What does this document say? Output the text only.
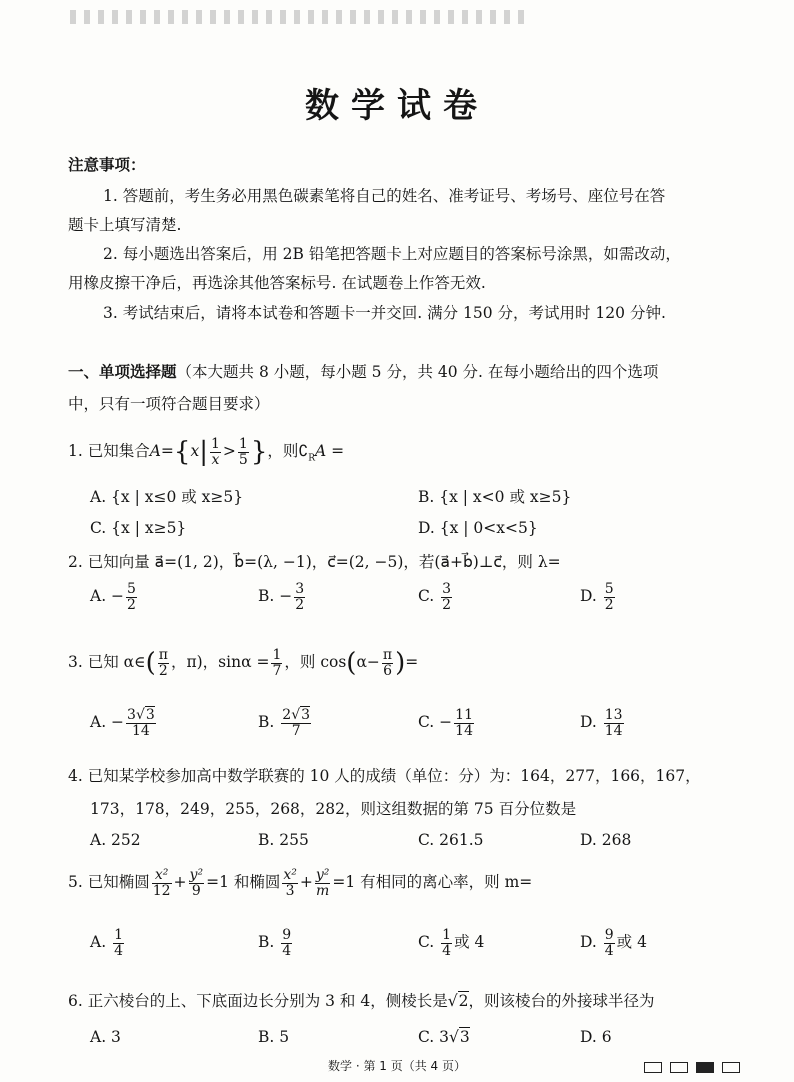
数学试卷
注意事项：
1. 答题前，考生务必用黑色碳素笔将自己的姓名、准考证号、考场号、座位号在答
题卡上填写清楚.
2. 每小题选出答案后，用 2B 铅笔把答题卡上对应题目的答案标号涂黑，如需改动，
用橡皮擦干净后，再选涂其他答案标号. 在试题卷上作答无效.
3. 考试结束后，请将本试卷和答题卡一并交回. 满分 150 分，考试用时 120 分钟.
一、单项选择题（本大题共 8 小题，每小题 5 分，共 40 分. 在每小题给出的四个选项
中，只有一项符合题目要求）
1. 已知集合$A=\{x| \frac{1}{x} > \frac{1}{5}$ }，则$∁_RA$ =
A. {x | x≤0 或 x≥5}	B. {x | x<0 或 x≥5}
C. {x | x≥5}	D. {x | 0<x<5}
2. 已知向量 a⃗=(1, 2)，b⃗=(λ, −1)，c⃗=(2, −5)，若(a⃗+b⃗)⊥c⃗，则 λ=
A. − $\frac{5}{2}$	B. − $\frac{3}{2}$	C. $\frac{3}{2}$	D. $\frac{5}{2}$
3. 已知 α∈( $\frac{\pi}{2}$ ，π)，$\sin\alpha = \frac{1}{7}$ ，则 $\cos(\alpha- \frac{\pi}{6}$ )=
A. − $\frac{3√3}{14}$	B. $\frac{2√3}{7}$	C. − $\frac{11}{14}$	D. $\frac{13}{14}$
4. 已知某学校参加高中数学联赛的 10 人的成绩（单位：分）为：164，277，166，167，
173，178，249，255，268，282，则这组数据的第 75 百分位数是
A. 252	B. 255	C. 261.5	D. 268
5. 已知椭圆 $\frac{\text{x²}}{12} + \frac{\text{y²}}{9} =1$ 和椭圆 $\frac{\text{x²}}{3} + \frac{\text{y²}}{m} =1$ 有相同的离心率，则 m=
A. $\frac{1}{4}$	B. $\frac{9}{4}$	C. $\frac{1}{4}$ 或 4	D. $\frac{9}{4}$ 或 4
6. 正六棱台的上、下底面边长分别为 3 和 4，侧棱长是√2，则该棱台的外接球半径为
A. 3	B. 5	C. 3√3	D. 6
数学 · 第 1 页（共 4 页）
